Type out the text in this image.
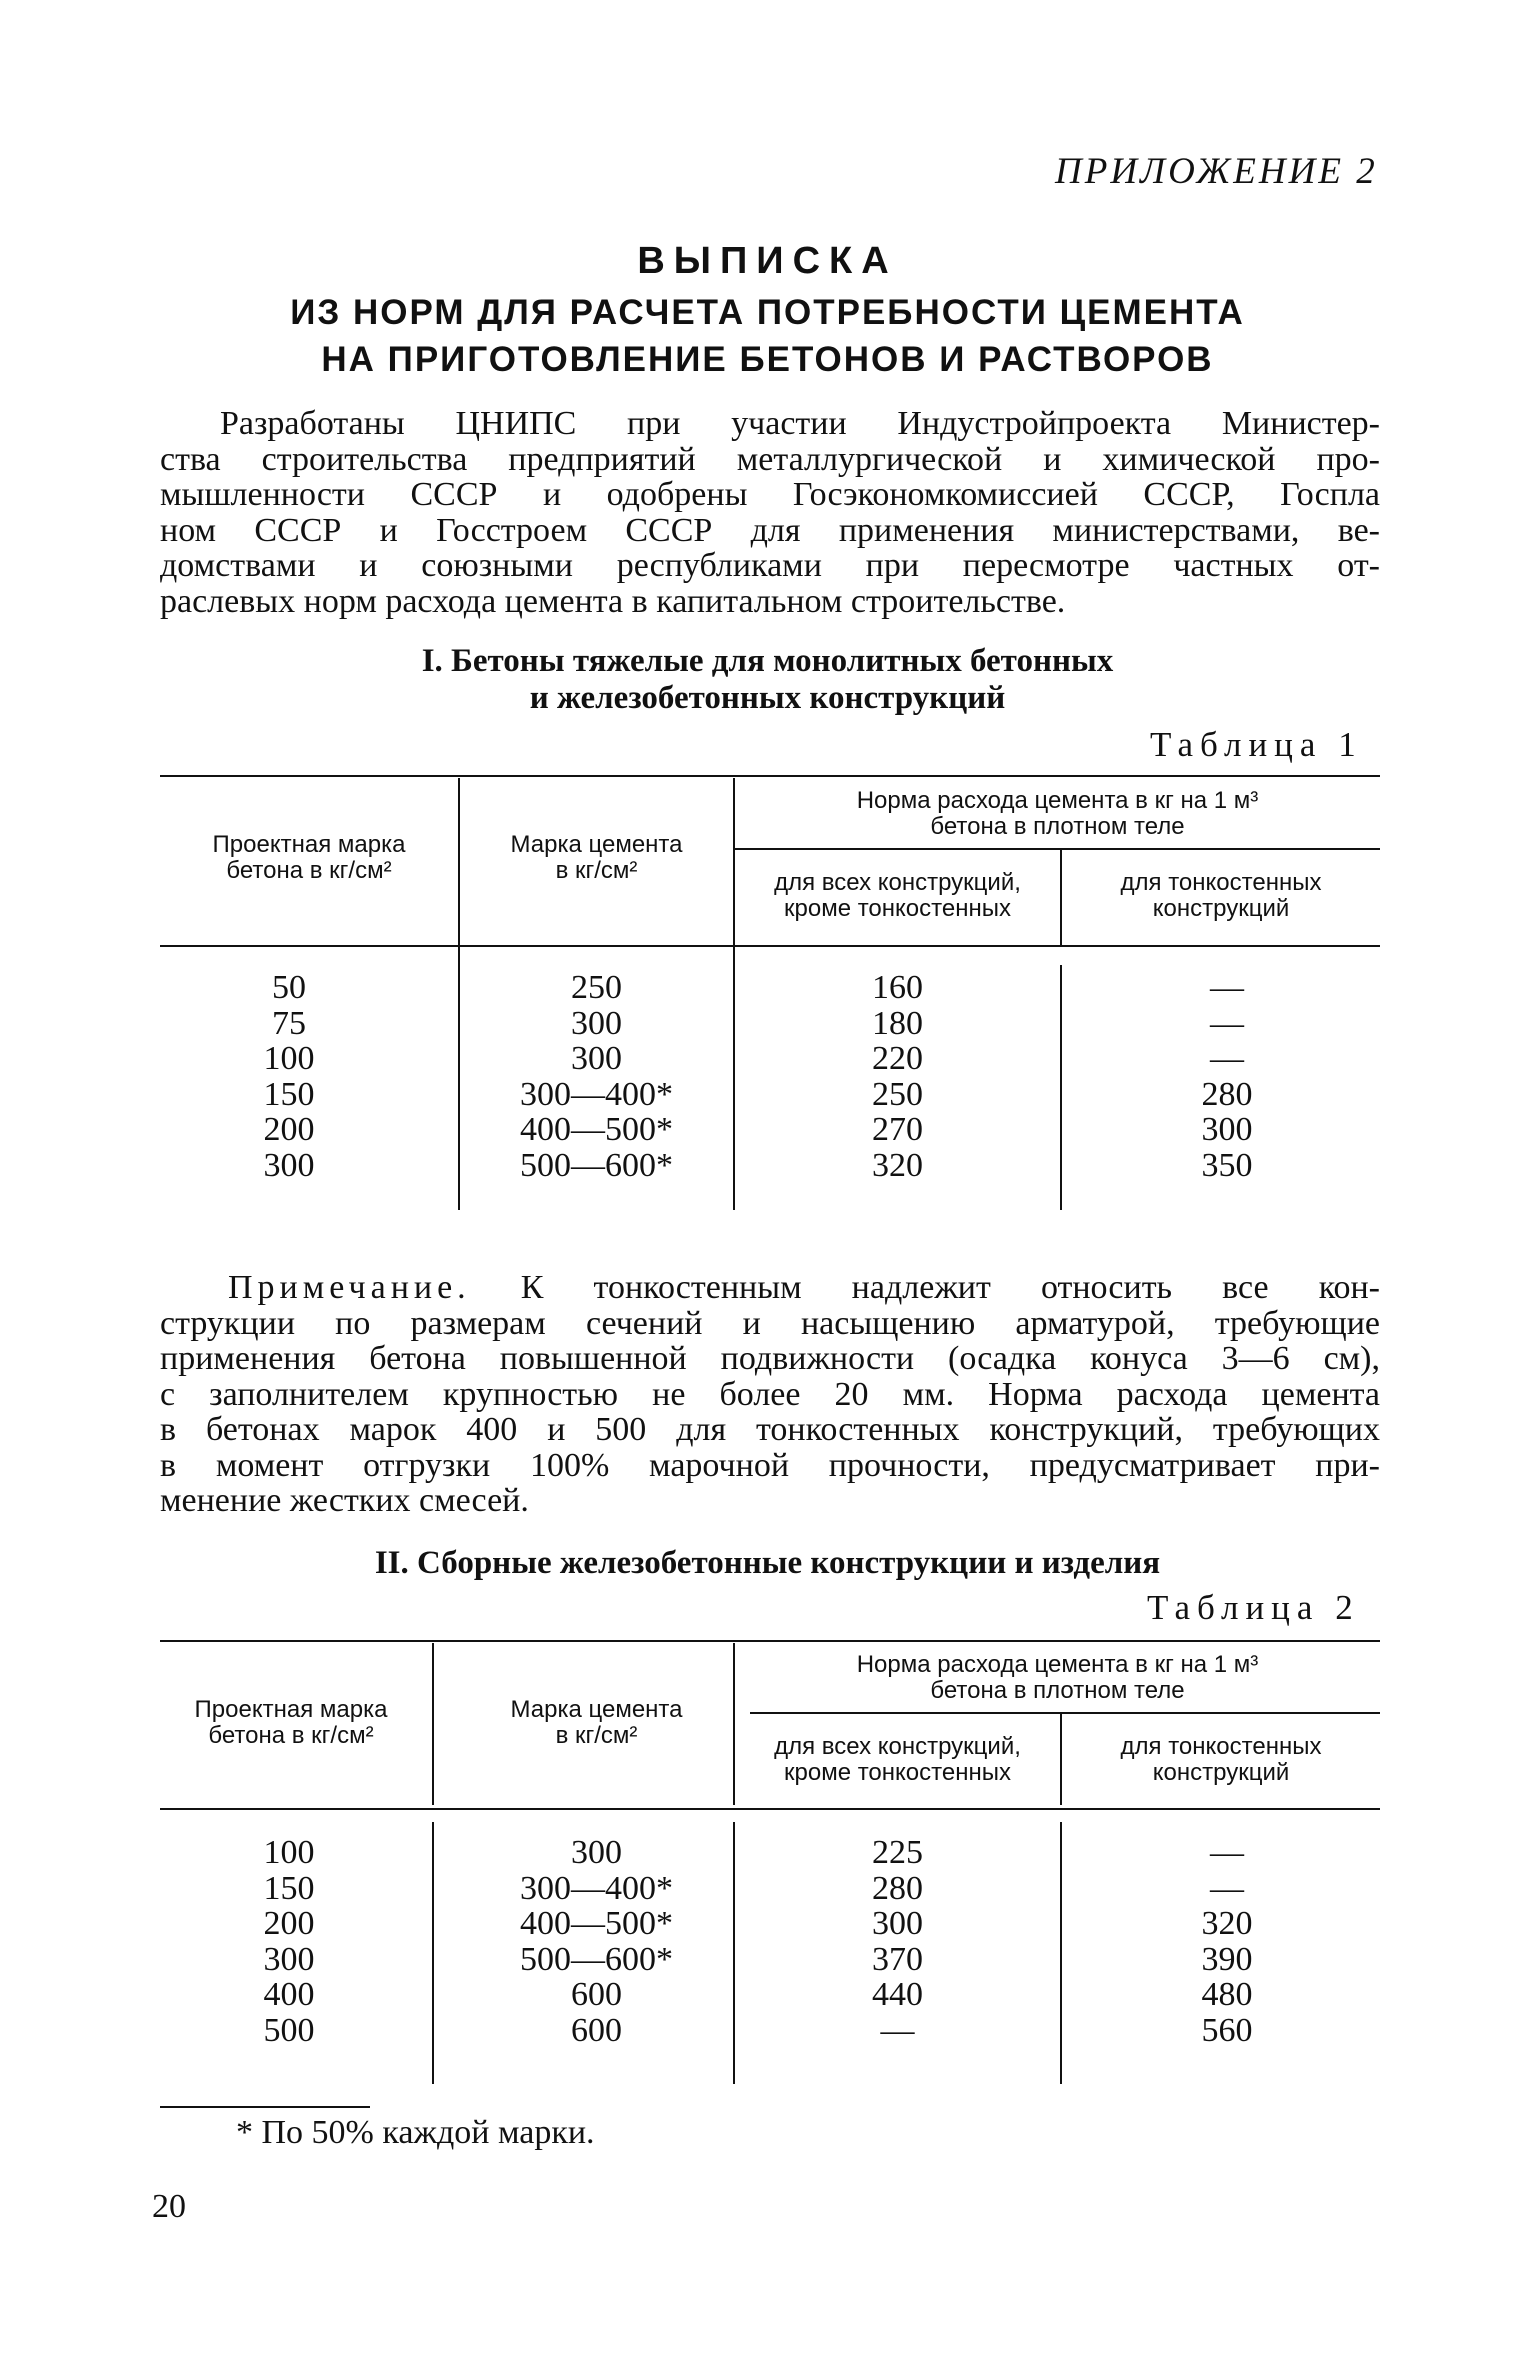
ПРИЛОЖЕНИЕ 2
ВЫПИСКА
ИЗ НОРМ ДЛЯ РАСЧЕТА ПОТРЕБНОСТИ ЦЕМЕНТА
НА ПРИГОТОВЛЕНИЕ БЕТОНОВ И РАСТВОРОВ
Разработаны ЦНИПС при участии Индустройпроекта Министер-
ства строительства предприятий металлургической и химической про-
мышленности СССР и одобрены Госэкономкомиссией СССР, Госпла
ном СССР и Госстроем СССР для применения министерствами, ве-
домствами и союзными республиками при пересмотре частных от-
раслевых норм расхода цемента в капитальном строительстве.
I. Бетоны тяжелые для монолитных бетонных
и железобетонных конструкций
Таблица 1
Проектная марка
бетона в кг/см²
Марка цемента
в кг/см²
Норма расхода цемента в кг на 1 м³
бетона в плотном теле
для всех конструкций,
кроме тонкостенных
для тонкостенных
конструкций
50
75
100
150
200
300
250
300
300
300—400*
400—500*
500—600*
160
180
220
250
270
320
—
—
—
280
300
350
Примечание. К тонкостенным надлежит относить все кон-
струкции по размерам сечений и насыщению арматурой, требующие
применения бетона повышенной подвижности (осадка конуса 3—6 см),
с заполнителем крупностью не более 20 мм. Норма расхода цемента
в бетонах марок 400 и 500 для тонкостенных конструкций, требующих
в момент отгрузки 100% марочной прочности, предусматривает при-
менение жестких смесей.
II. Сборные железобетонные конструкции и изделия
Таблица 2
Проектная марка
бетона в кг/см²
Марка цемента
в кг/см²
Норма расхода цемента в кг на 1 м³
бетона в плотном теле
для всех конструкций,
кроме тонкостенных
для тонкостенных
конструкций
100
150
200
300
400
500
300
300—400*
400—500*
500—600*
600
600
225
280
300
370
440
—
—
—
320
390
480
560
* По 50% каждой марки.
20
